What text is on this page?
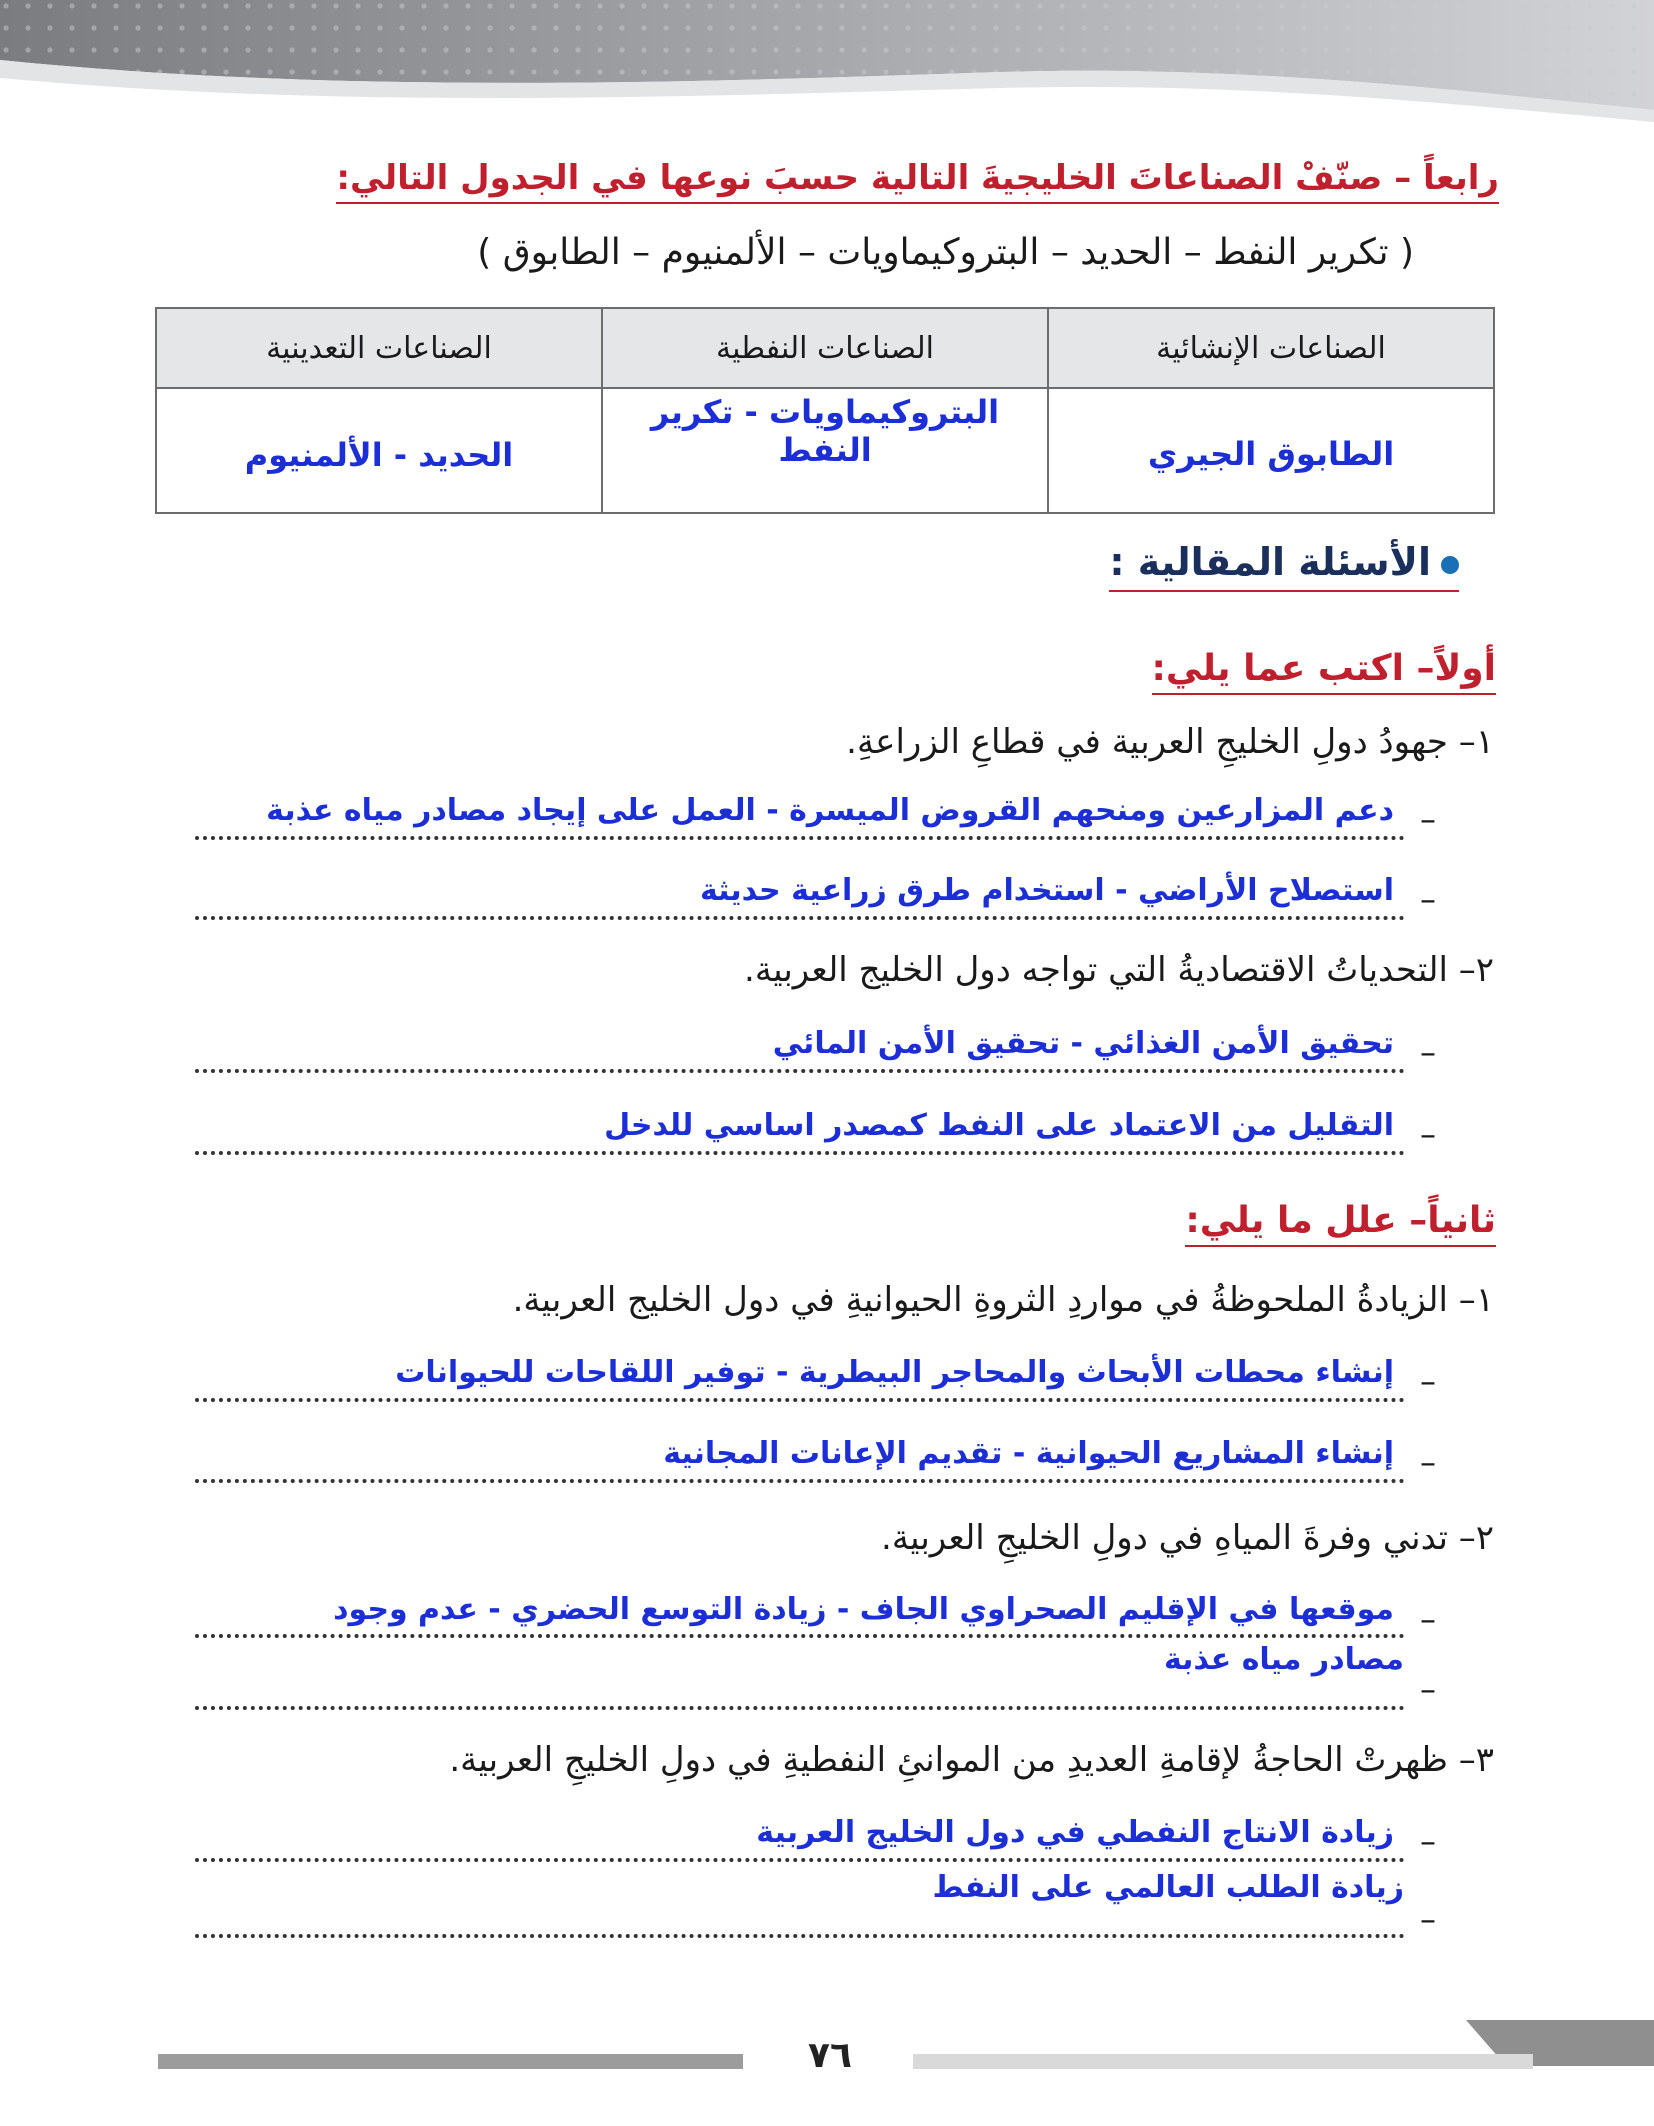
رابعاً – صنّفْ الصناعاتَ الخليجيةَ التالية حسبَ نوعها في الجدول التالي:
( تكرير النفط – الحديد – البتروكيماويات – الألمنيوم – الطابوق )
الصناعات الإنشائية	الصناعات النفطية	الصناعات التعدينية
الطابوق الجيري	البتروكيماويات - تكرير النفط	الحديد - الألمنيوم
الأسئلة المقالية :
أولاً– اكتب عما يلي:
١– جهودُ دولِ الخليجِ العربية في قطاعِ الزراعةِ.
–
دعم المزارعين ومنحهم القروض الميسرة - العمل على إيجاد مصادر مياه عذبة
–
استصلاح الأراضي - استخدام طرق زراعية حديثة
٢– التحدياتُ الاقتصاديةُ التي تواجه دول الخليج العربية.
–
تحقيق الأمن الغذائي - تحقيق الأمن المائي
–
التقليل من الاعتماد على النفط كمصدر اساسي للدخل
ثانياً– علل ما يلي:
١– الزيادةُ الملحوظةُ في مواردِ الثروةِ الحيوانيةِ في دول الخليج العربية.
–
إنشاء محطات الأبحاث والمحاجر البيطرية - توفير اللقاحات للحيوانات
–
إنشاء المشاريع الحيوانية - تقديم الإعانات المجانية
٢– تدني وفرةَ المياهِ في دولِ الخليجِ العربية.
–
موقعها في الإقليم الصحراوي الجاف - زيادة التوسع الحضري - عدم وجود
–
مصادر مياه عذبة
٣– ظهرتْ الحاجةُ لإقامةِ العديدِ من الموانئِ النفطيةِ في دولِ الخليجِ العربية.
–
زيادة الانتاج النفطي في دول الخليج العربية
–
زيادة الطلب العالمي على النفط
٧٦
